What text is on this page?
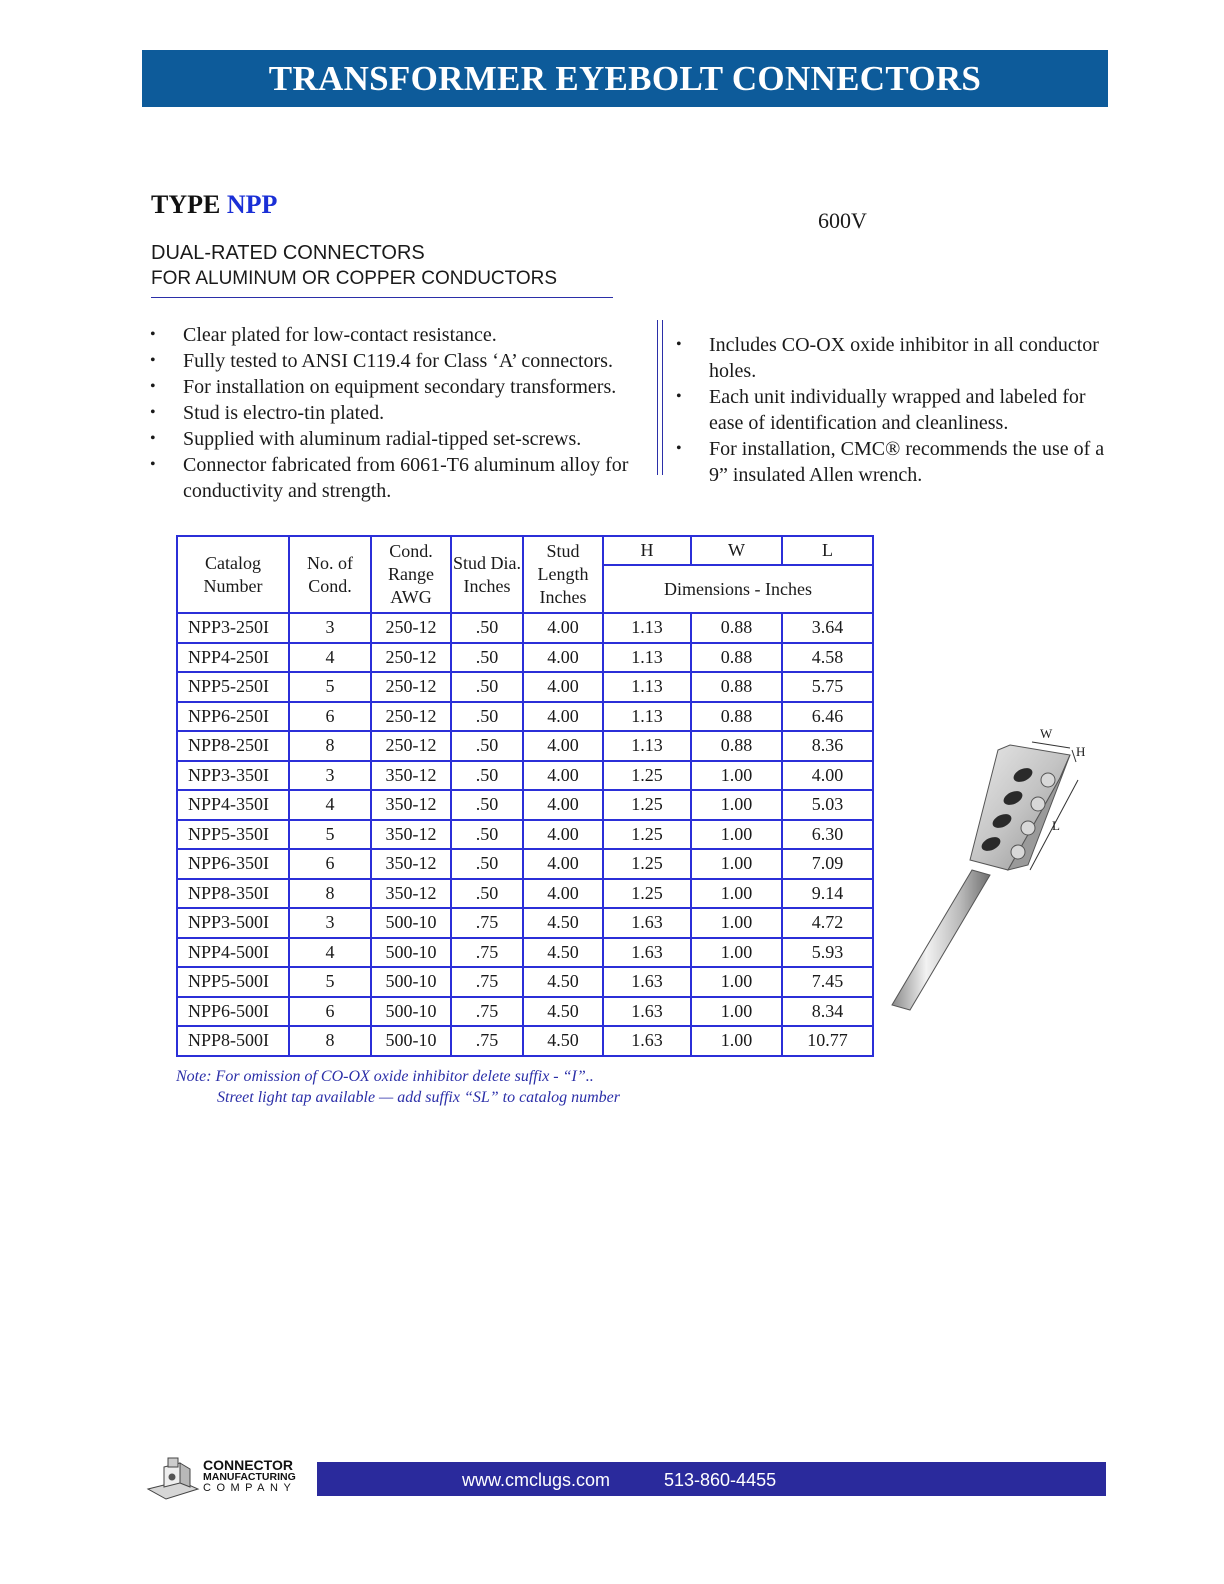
TRANSFORMER EYEBOLT CONNECTORS
TYPE NPP
600V
DUAL-RATED CONNECTORS
FOR ALUMINUM OR COPPER CONDUCTORS
• Clear plated for low-contact resistance.
• Fully tested to ANSI C119.4 for Class ‘A’ connectors.
• For installation on equipment secondary transformers.
• Stud is electro-tin plated.
• Supplied with aluminum radial-tipped set-screws.
• Connector fabricated from 6061-T6 aluminum alloy for conductivity and strength.
• Includes CO-OX oxide inhibitor in all conductor holes.
• Each unit individually wrapped and labeled for ease of identification and cleanliness.
• For installation, CMC® recommends the use of a 9” insulated Allen wrench.
Catalog Number	No. of Cond.	Cond. Range AWG	Stud Dia. Inches	Stud Length Inches	H	W	L
					Dimensions - Inches		
NPP3-250I	3	250-12	.50	4.00	1.13	0.88	3.64
NPP4-250I	4	250-12	.50	4.00	1.13	0.88	4.58
NPP5-250I	5	250-12	.50	4.00	1.13	0.88	5.75
NPP6-250I	6	250-12	.50	4.00	1.13	0.88	6.46
NPP8-250I	8	250-12	.50	4.00	1.13	0.88	8.36
NPP3-350I	3	350-12	.50	4.00	1.25	1.00	4.00
NPP4-350I	4	350-12	.50	4.00	1.25	1.00	5.03
NPP5-350I	5	350-12	.50	4.00	1.25	1.00	6.30
NPP6-350I	6	350-12	.50	4.00	1.25	1.00	7.09
NPP8-350I	8	350-12	.50	4.00	1.25	1.00	9.14
NPP3-500I	3	500-10	.75	4.50	1.63	1.00	4.72
NPP4-500I	4	500-10	.75	4.50	1.63	1.00	5.93
NPP5-500I	5	500-10	.75	4.50	1.63	1.00	7.45
NPP6-500I	6	500-10	.75	4.50	1.63	1.00	8.34
NPP8-500I	8	500-10	.75	4.50	1.63	1.00	10.77
Note: For omission of CO-OX oxide inhibitor delete suffix - “I”..
Street light tap available — add suffix “SL” to catalog number
W
H
L
CONNECTOR
MANUFACTURING
COMPANY	www.cmclugs.com	513-860-4455
